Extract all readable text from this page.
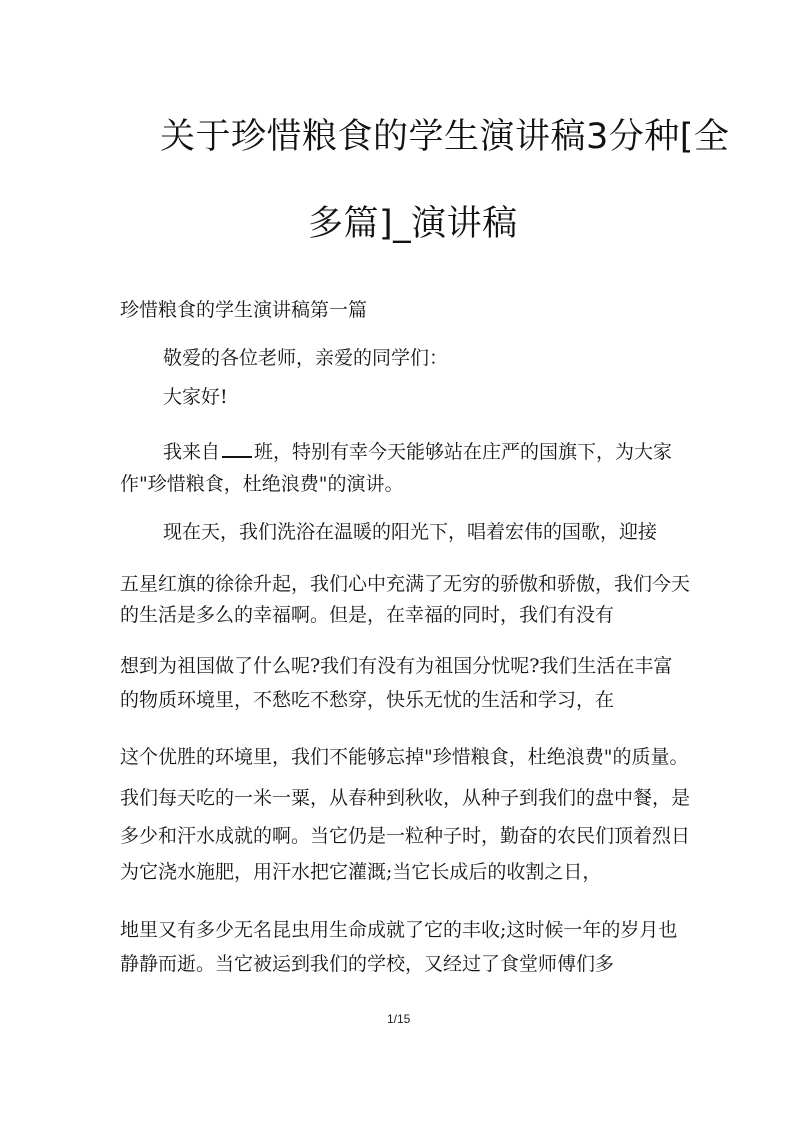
关于珍惜粮食的学生演讲稿3分种[全
多篇]_演讲稿
珍惜粮食的学生演讲稿第一篇
敬爱的各位老师，亲爱的同学们：
大家好!
我来自 班，特别有幸今天能够站在庄严的国旗下，为大家
作"珍惜粮食，杜绝浪费"的演讲。
现在天，我们洗浴在温暖的阳光下，唱着宏伟的国歌，迎接
五星红旗的徐徐升起，我们心中充满了无穷的骄傲和骄傲，我们今天
的生活是多么的幸福啊。但是，在幸福的同时，我们有没有
想到为祖国做了什么呢?我们有没有为祖国分忧呢?我们生活在丰富
的物质环境里，不愁吃不愁穿，快乐无忧的生活和学习，在
这个优胜的环境里，我们不能够忘掉"珍惜粮食，杜绝浪费"的质量。
我们每天吃的一米一粟，从春种到秋收，从种子到我们的盘中餐，是
多少和汗水成就的啊。当它仍是一粒种子时，勤奋的农民们顶着烈日
为它浇水施肥，用汗水把它灌溉;当它长成后的收割之日，
地里又有多少无名昆虫用生命成就了它的丰收;这时候一年的岁月也
静静而逝。当它被运到我们的学校，又经过了食堂师傅们多
1/15
